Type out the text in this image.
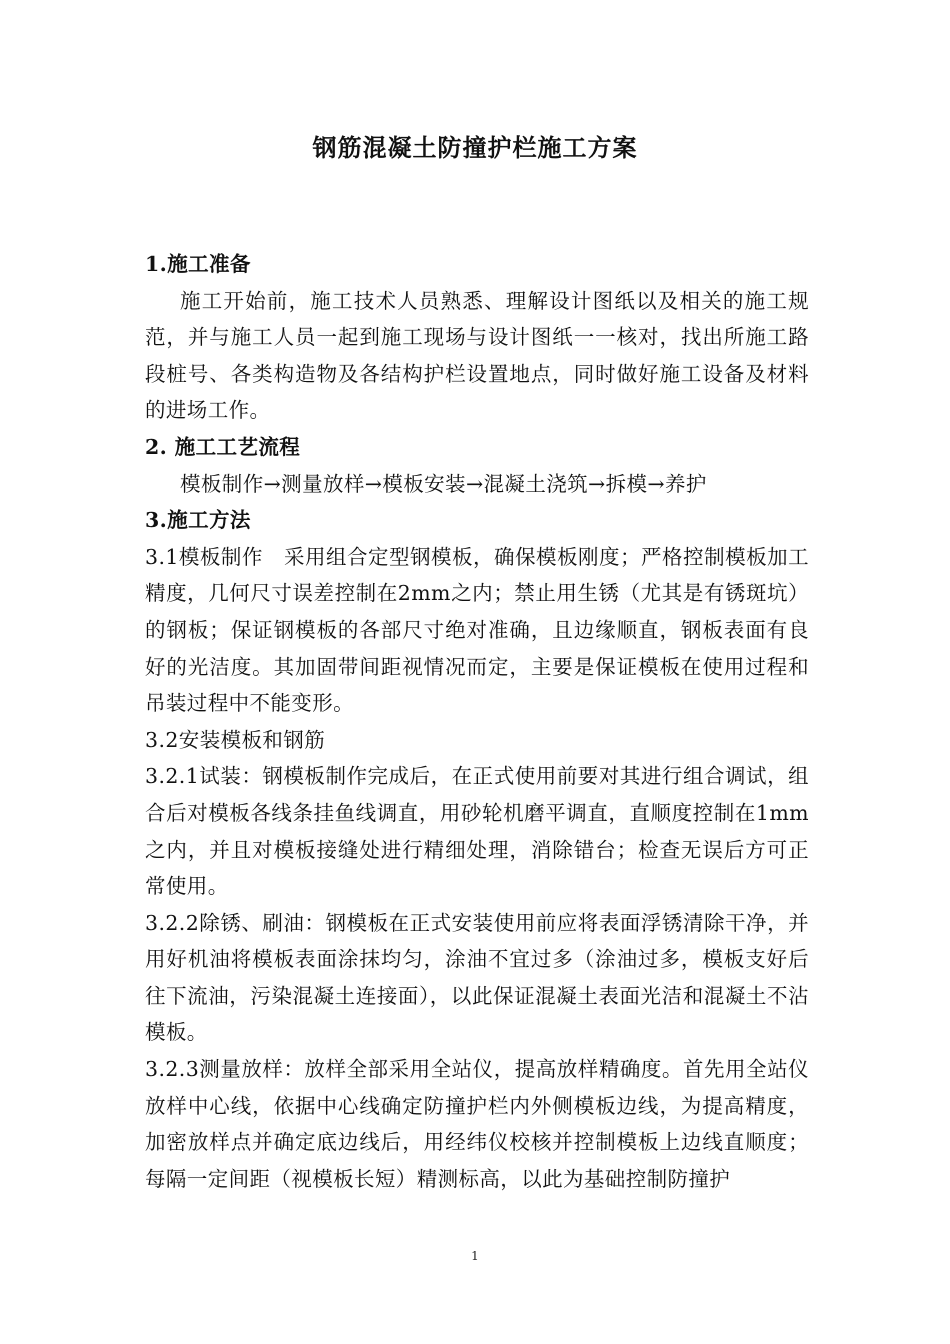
钢筋混凝土防撞护栏施工方案

1.施工准备

施工开始前，施工技术人员熟悉、理解设计图纸以及相关的施工规范，并与施工人员一起到施工现场与设计图纸一一核对，找出所施工路段桩号、各类构造物及各结构护栏设置地点，同时做好施工设备及材料的进场工作。

2. 施工工艺流程

模板制作→测量放样→模板安装→混凝土浇筑→拆模→养护

3.施工方法

3.1模板制作　采用组合定型钢模板，确保模板刚度；严格控制模板加工精度，几何尺寸误差控制在2mm之内；禁止用生锈（尤其是有锈斑坑）的钢板；保证钢模板的各部尺寸绝对准确，且边缘顺直，钢板表面有良好的光洁度。其加固带间距视情况而定，主要是保证模板在使用过程和吊装过程中不能变形。

3.2安装模板和钢筋

3.2.1试装：钢模板制作完成后，在正式使用前要对其进行组合调试，组合后对模板各线条挂鱼线调直，用砂轮机磨平调直，直顺度控制在1mm之内，并且对模板接缝处进行精细处理，消除错台；检查无误后方可正常使用。

3.2.2除锈、刷油：钢模板在正式安装使用前应将表面浮锈清除干净，并用好机油将模板表面涂抹均匀，涂油不宜过多（涂油过多，模板支好后往下流油，污染混凝土连接面），以此保证混凝土表面光洁和混凝土不沾模板。

3.2.3测量放样：放样全部采用全站仪，提高放样精确度。首先用全站仪放样中心线，依据中心线确定防撞护栏内外侧模板边线，为提高精度，加密放样点并确定底边线后，用经纬仪校核并控制模板上边线直顺度；每隔一定间距（视模板长短）精测标高，以此为基础控制防撞护

1
